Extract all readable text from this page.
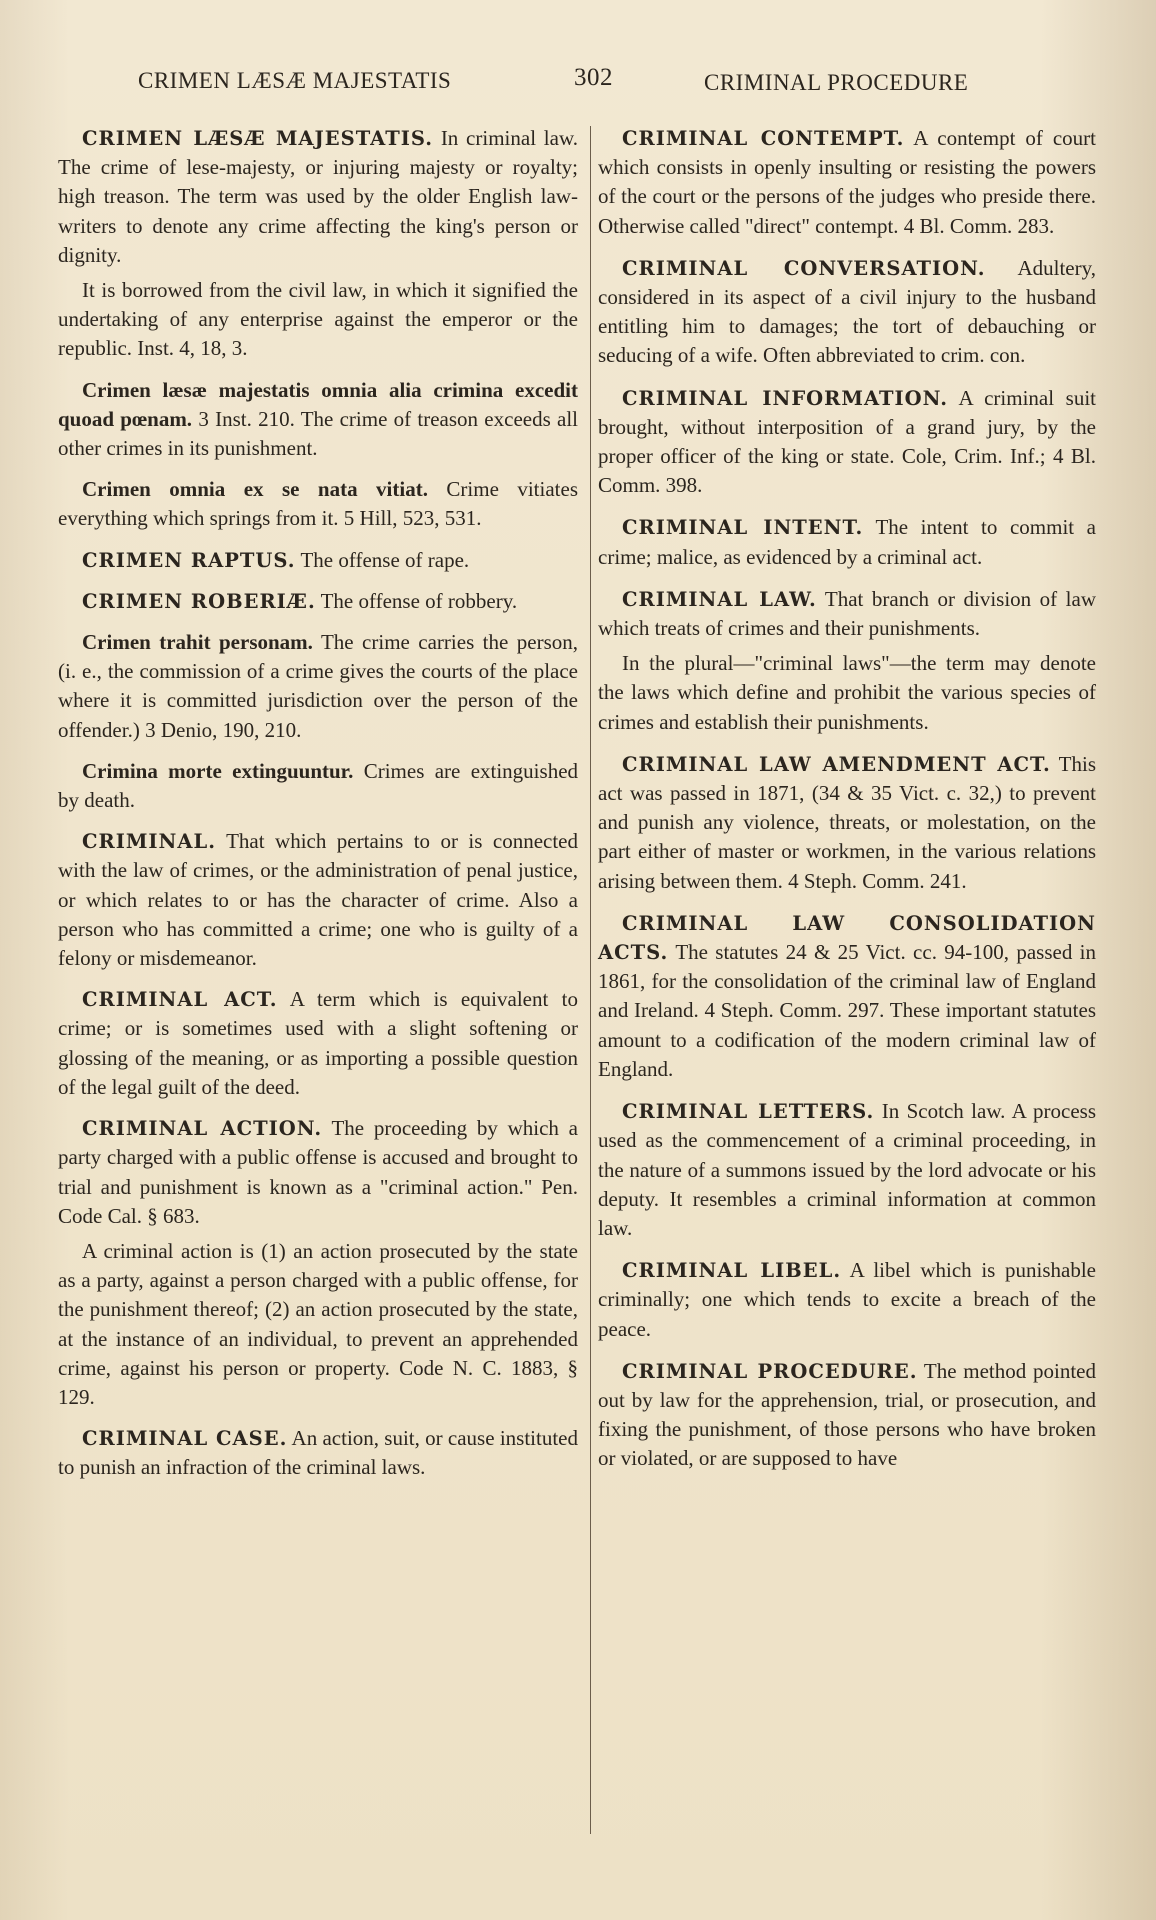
CRIMEN LÆSÆ MAJESTATIS	302	CRIMINAL PROCEDURE

CRIMEN LÆSÆ MAJESTATIS. In criminal law. The crime of lese-majesty, or injuring majesty or royalty; high treason. The term was used by the older English law-writers to denote any crime affecting the king's person or dignity.

It is borrowed from the civil law, in which it signified the undertaking of any enterprise against the emperor or the republic. Inst. 4, 18, 3.

Crimen læsæ majestatis omnia alia crimina excedit quoad pœnam. 3 Inst. 210. The crime of treason exceeds all other crimes in its punishment.

Crimen omnia ex se nata vitiat. Crime vitiates everything which springs from it. 5 Hill, 523, 531.

CRIMEN RAPTUS. The offense of rape.

CRIMEN ROBERIÆ. The offense of robbery.

Crimen trahit personam. The crime carries the person, (i. e., the commission of a crime gives the courts of the place where it is committed jurisdiction over the person of the offender.) 3 Denio, 190, 210.

Crimina morte extinguuntur. Crimes are extinguished by death.

CRIMINAL. That which pertains to or is connected with the law of crimes, or the administration of penal justice, or which relates to or has the character of crime. Also a person who has committed a crime; one who is guilty of a felony or misdemeanor.

CRIMINAL ACT. A term which is equivalent to crime; or is sometimes used with a slight softening or glossing of the meaning, or as importing a possible question of the legal guilt of the deed.

CRIMINAL ACTION. The proceeding by which a party charged with a public offense is accused and brought to trial and punishment is known as a "criminal action." Pen. Code Cal. § 683.

A criminal action is (1) an action prosecuted by the state as a party, against a person charged with a public offense, for the punishment thereof; (2) an action prosecuted by the state, at the instance of an individual, to prevent an apprehended crime, against his person or property. Code N. C. 1883, § 129.

CRIMINAL CASE. An action, suit, or cause instituted to punish an infraction of the criminal laws.

CRIMINAL CONTEMPT. A contempt of court which consists in openly insulting or resisting the powers of the court or the persons of the judges who preside there. Otherwise called "direct" contempt. 4 Bl. Comm. 283.

CRIMINAL CONVERSATION. Adultery, considered in its aspect of a civil injury to the husband entitling him to damages; the tort of debauching or seducing of a wife. Often abbreviated to crim. con.

CRIMINAL INFORMATION. A criminal suit brought, without interposition of a grand jury, by the proper officer of the king or state. Cole, Crim. Inf.; 4 Bl. Comm. 398.

CRIMINAL INTENT. The intent to commit a crime; malice, as evidenced by a criminal act.

CRIMINAL LAW. That branch or division of law which treats of crimes and their punishments.

In the plural—"criminal laws"—the term may denote the laws which define and prohibit the various species of crimes and establish their punishments.

CRIMINAL LAW AMENDMENT ACT. This act was passed in 1871, (34 & 35 Vict. c. 32,) to prevent and punish any violence, threats, or molestation, on the part either of master or workmen, in the various relations arising between them. 4 Steph. Comm. 241.

CRIMINAL LAW CONSOLIDATION ACTS. The statutes 24 & 25 Vict. cc. 94-100, passed in 1861, for the consolidation of the criminal law of England and Ireland. 4 Steph. Comm. 297. These important statutes amount to a codification of the modern criminal law of England.

CRIMINAL LETTERS. In Scotch law. A process used as the commencement of a criminal proceeding, in the nature of a summons issued by the lord advocate or his deputy. It resembles a criminal information at common law.

CRIMINAL LIBEL. A libel which is punishable criminally; one which tends to excite a breach of the peace.

CRIMINAL PROCEDURE. The method pointed out by law for the apprehension, trial, or prosecution, and fixing the punishment, of those persons who have broken or violated, or are supposed to have
